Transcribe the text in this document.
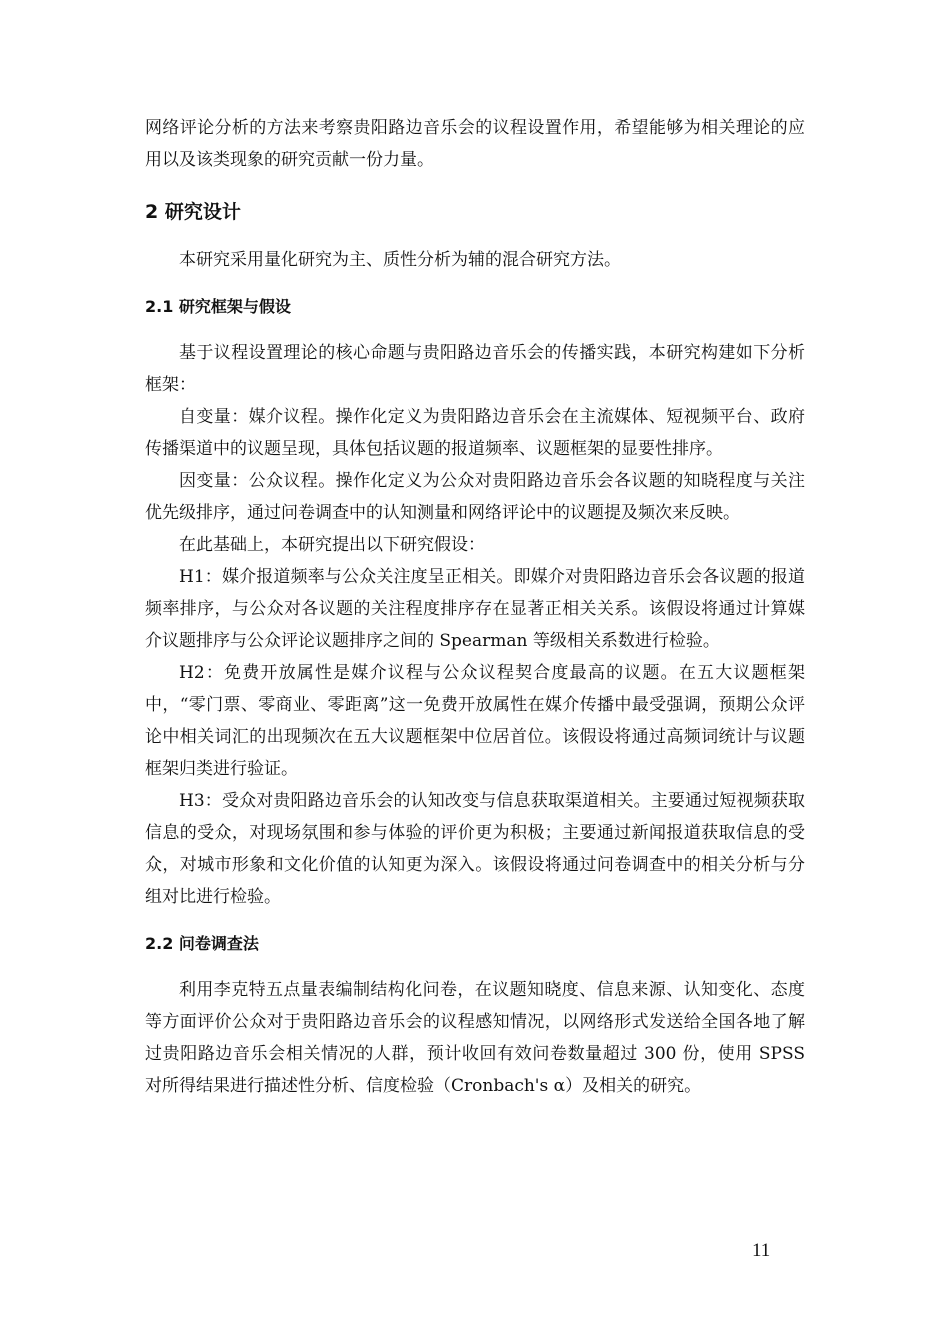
网络评论分析的方法来考察贵阳路边音乐会的议程设置作用，希望能够为相关理论的应用以及该类现象的研究贡献一份力量。

2 研究设计

本研究采用量化研究为主、质性分析为辅的混合研究方法。

2.1 研究框架与假设

基于议程设置理论的核心命题与贵阳路边音乐会的传播实践，本研究构建如下分析框架：

自变量：媒介议程。操作化定义为贵阳路边音乐会在主流媒体、短视频平台、政府传播渠道中的议题呈现，具体包括议题的报道频率、议题框架的显要性排序。

因变量：公众议程。操作化定义为公众对贵阳路边音乐会各议题的知晓程度与关注优先级排序，通过问卷调查中的认知测量和网络评论中的议题提及频次来反映。

在此基础上，本研究提出以下研究假设：

H1：媒介报道频率与公众关注度呈正相关。即媒介对贵阳路边音乐会各议题的报道频率排序，与公众对各议题的关注程度排序存在显著正相关关系。该假设将通过计算媒介议题排序与公众评论议题排序之间的 Spearman 等级相关系数进行检验。

H2：免费开放属性是媒介议程与公众议程契合度最高的议题。在五大议题框架中，“零门票、零商业、零距离”这一免费开放属性在媒介传播中最受强调，预期公众评论中相关词汇的出现频次在五大议题框架中位居首位。该假设将通过高频词统计与议题框架归类进行验证。

H3：受众对贵阳路边音乐会的认知改变与信息获取渠道相关。主要通过短视频获取信息的受众，对现场氛围和参与体验的评价更为积极；主要通过新闻报道获取信息的受众，对城市形象和文化价值的认知更为深入。该假设将通过问卷调查中的相关分析与分组对比进行检验。

2.2 问卷调查法

利用李克特五点量表编制结构化问卷，在议题知晓度、信息来源、认知变化、态度等方面评价公众对于贵阳路边音乐会的议程感知情况，以网络形式发送给全国各地了解过贵阳路边音乐会相关情况的人群，预计收回有效问卷数量超过 300 份，使用 SPSS 对所得结果进行描述性分析、信度检验（Cronbach's α）及相关的研究。

11
